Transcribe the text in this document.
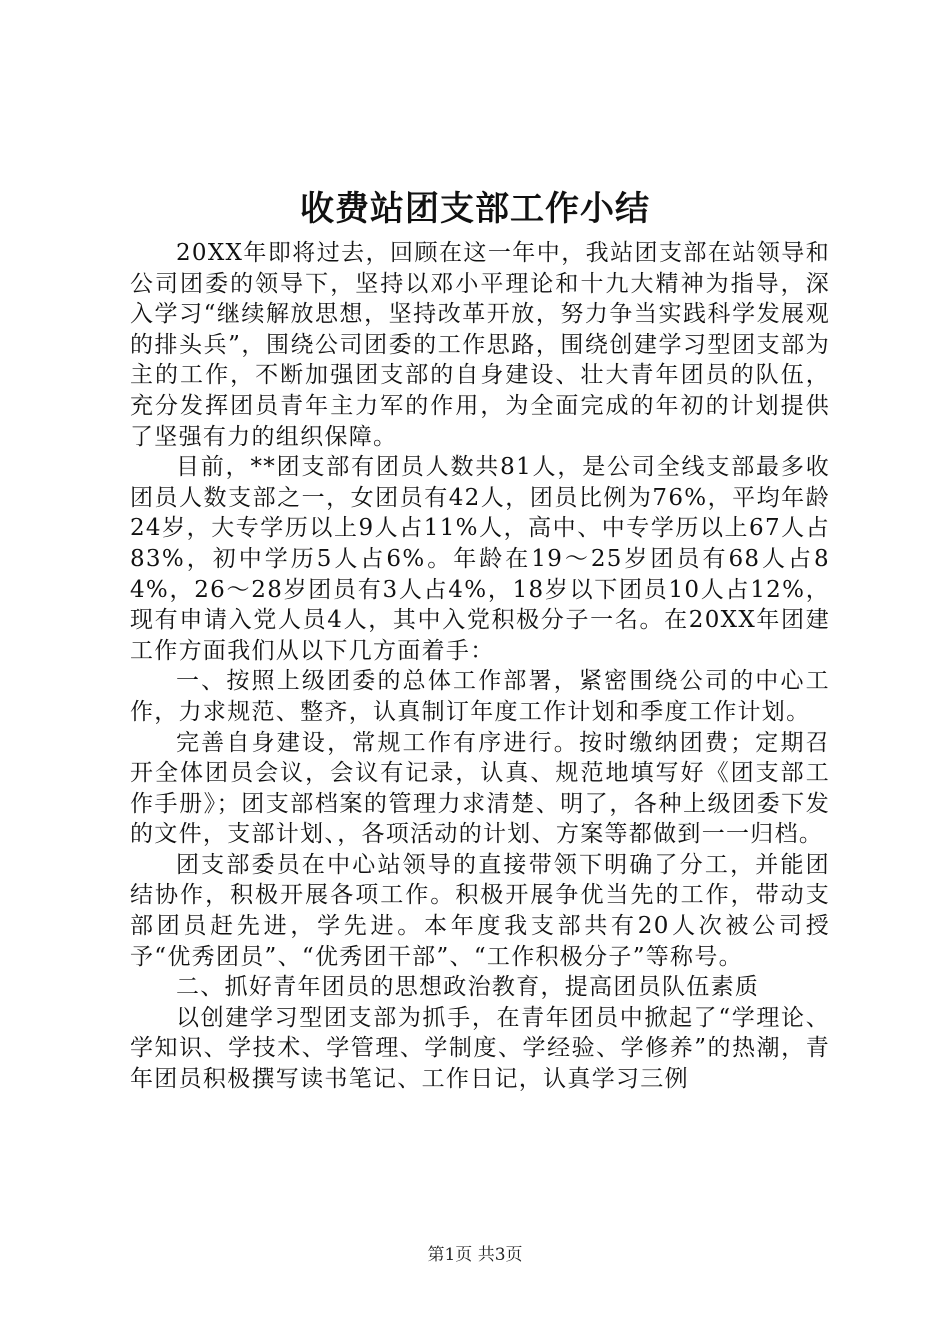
收费站团支部工作小结

20XX年即将过去，回顾在这一年中，我站团支部在站领导和公司团委的领导下，坚持以邓小平理论和十九大精神为指导，深入学习“继续解放思想，坚持改革开放，努力争当实践科学发展观的排头兵”，围绕公司团委的工作思路，围绕创建学习型团支部为主的工作，不断加强团支部的自身建设、壮大青年团员的队伍，充分发挥团员青年主力军的作用，为全面完成的年初的计划提供了坚强有力的组织保障。

目前，**团支部有团员人数共81人，是公司全线支部最多收团员人数支部之一，女团员有42人，团员比例为76%，平均年龄24岁，大专学历以上9人占11%人，高中、中专学历以上67人占83%，初中学历5人占6%。年龄在19～25岁团员有68人占84%，26～28岁团员有3人占4%，18岁以下团员10人占12%，现有申请入党人员4人，其中入党积极分子一名。在20XX年团建工作方面我们从以下几方面着手：

一、按照上级团委的总体工作部署，紧密围绕公司的中心工作，力求规范、整齐，认真制订年度工作计划和季度工作计划。

完善自身建设，常规工作有序进行。按时缴纳团费；定期召开全体团员会议，会议有记录，认真、规范地填写好《团支部工作手册》；团支部档案的管理力求清楚、明了，各种上级团委下发的文件，支部计划、，各项活动的计划、方案等都做到一一归档。

团支部委员在中心站领导的直接带领下明确了分工，并能团结协作，积极开展各项工作。积极开展争优当先的工作，带动支部团员赶先进，学先进。本年度我支部共有20人次被公司授予“优秀团员”、“优秀团干部”、“工作积极分子”等称号。

二、抓好青年团员的思想政治教育，提高团员队伍素质

以创建学习型团支部为抓手，在青年团员中掀起了“学理论、学知识、学技术、学管理、学制度、学经验、学修养”的热潮，青年团员积极撰写读书笔记、工作日记，认真学习三例

第1页 共3页
